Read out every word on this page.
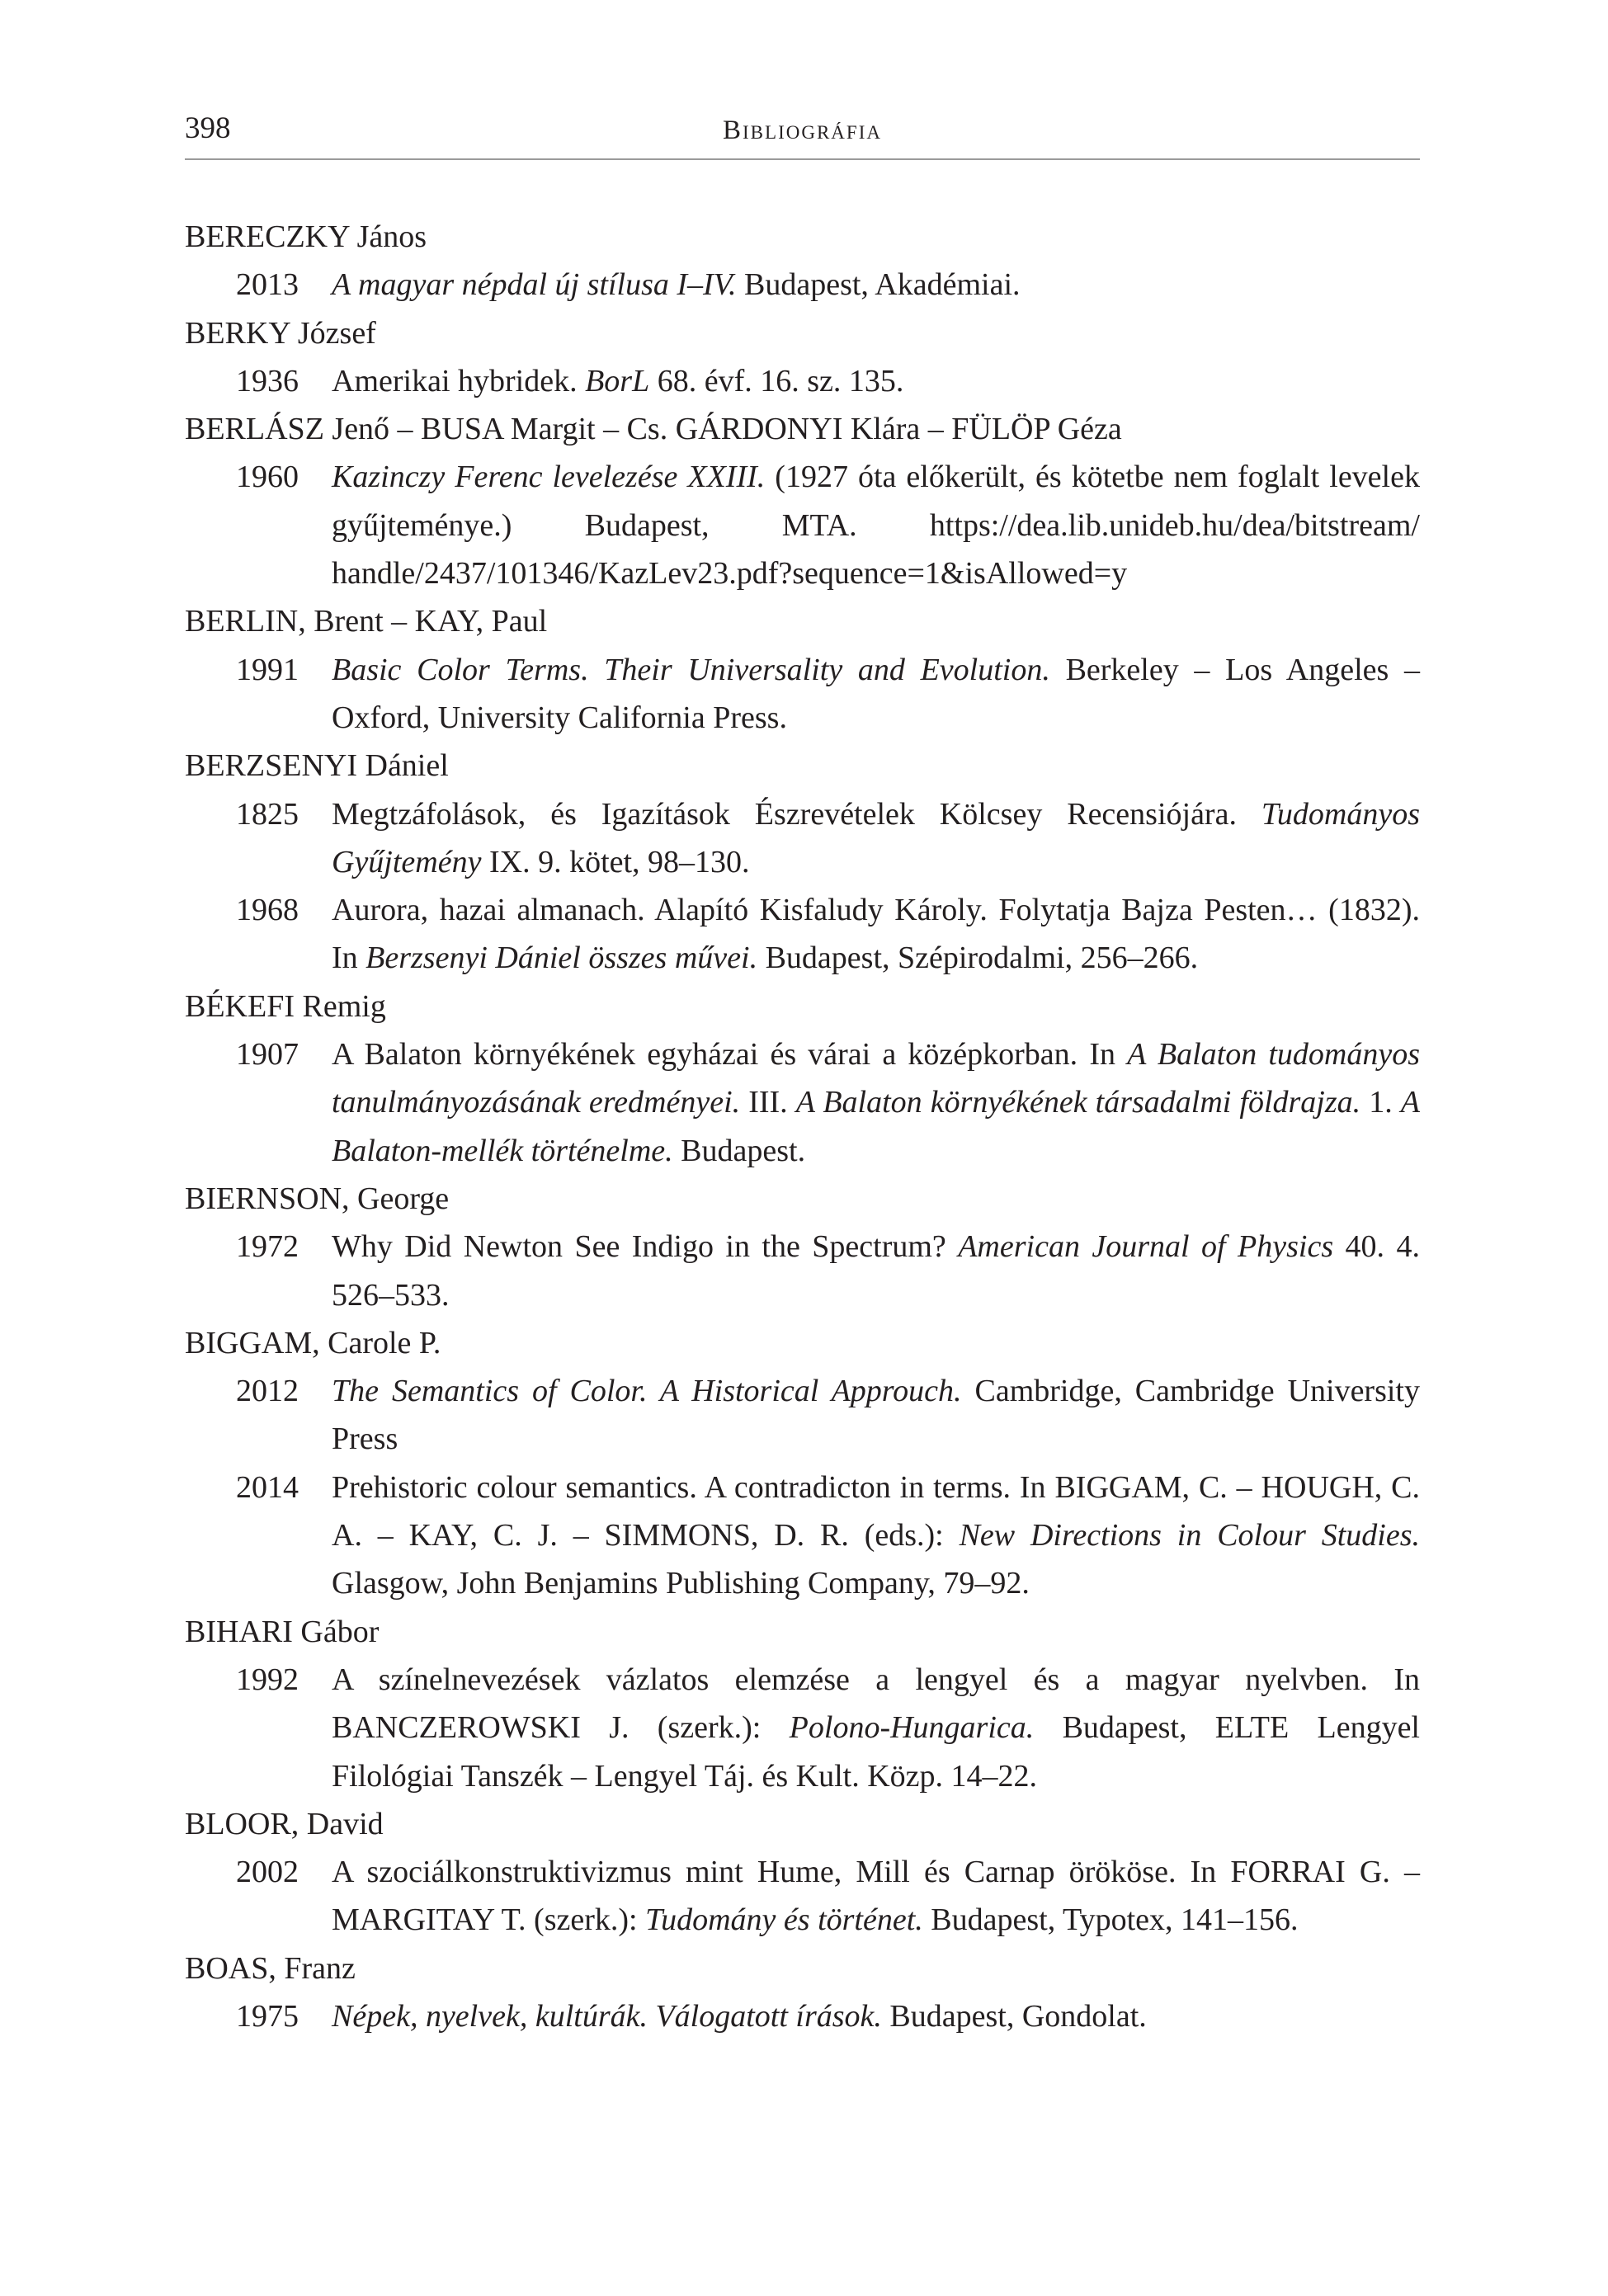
398	Bibliográfia
BERECZKY János
2013	A magyar népdal új stílusa I–IV. Budapest, Akadémiai.
BERKY József
1936	Amerikai hybridek. BorL 68. évf. 16. sz. 135.
BERLÁSZ Jenő – BUSA Margit – Cs. GÁRDONYI Klára – FÜLÖP Géza
1960	Kazinczy Ferenc levelezése XXIII. (1927 óta előkerült, és kötetbe nem foglalt levelek gyűjteménye.) Budapest, MTA. https://dea.lib.unideb.hu/dea/bitstream/ handle/2437/101346/KazLev23.pdf?sequence=1&isAllowed=y
BERLIN, Brent – KAY, Paul
1991	Basic Color Terms. Their Universality and Evolution. Berkeley – Los Angeles – Oxford, University California Press.
BERZSENYI Dániel
1825	Megtzáfolások, és Igazítások Észrevételek Kölcsey Recensiójára. Tudományos Gyűjtemény IX. 9. kötet, 98–130.
1968	Aurora, hazai almanach. Alapító Kisfaludy Károly. Folytatja Bajza Pesten… (1832). In Berzsenyi Dániel összes művei. Budapest, Szépirodalmi, 256–266.
BÉKEFI Remig
1907	A Balaton környékének egyházai és várai a középkorban. In A Balaton tudományos tanulmányozásának eredményei. III. A Balaton környékének társadalmi földrajza. 1. A Balaton-mellék történelme. Budapest.
BIERNSON, George
1972	Why Did Newton See Indigo in the Spectrum? American Journal of Physics 40. 4. 526–533.
BIGGAM, Carole P.
2012	The Semantics of Color. A Historical Approuch. Cambridge, Cambridge University Press
2014	Prehistoric colour semantics. A contradicton in terms. In BIGGAM, C. – HOUGH, C. A. – KAY, C. J. – SIMMONS, D. R. (eds.): New Directions in Colour Studies. Glasgow, John Benjamins Publishing Company, 79–92.
BIHARI Gábor
1992	A színelnevezések vázlatos elemzése a lengyel és a magyar nyelvben. In BANCZEROWSKI J. (szerk.): Polono-Hungarica. Budapest, ELTE Lengyel Filológiai Tanszék – Lengyel Táj. és Kult. Közp. 14–22.
BLOOR, David
2002	A szociálkonstruktivizmus mint Hume, Mill és Carnap örököse. In FORRAI G. –MARGITAY T. (szerk.): Tudomány és történet. Budapest, Typotex, 141–156.
BOAS, Franz
1975	Népek, nyelvek, kultúrák. Válogatott írások. Budapest, Gondolat.
